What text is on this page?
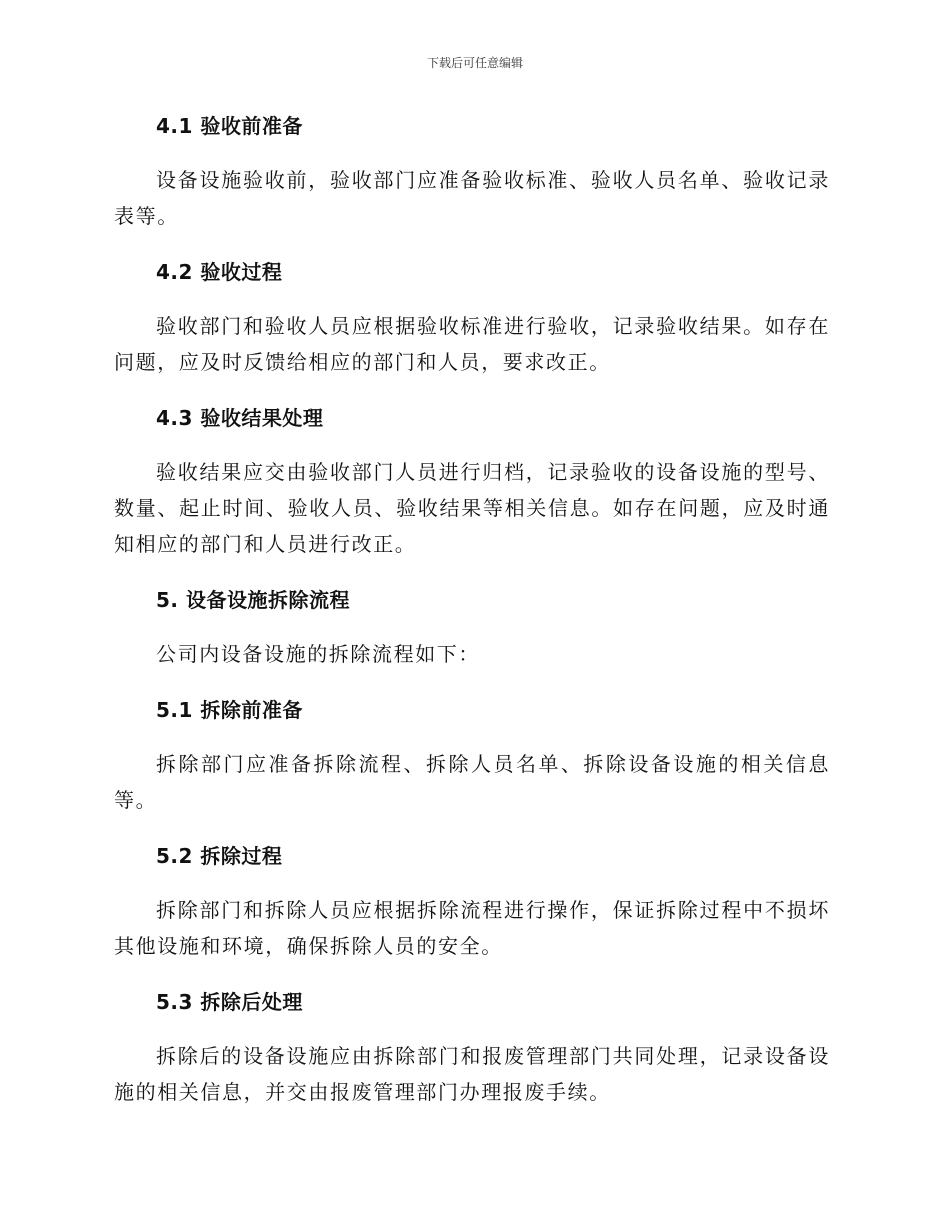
下载后可任意编辑
4.1 验收前准备

设备设施验收前，验收部门应准备验收标准、验收人员名单、验收记录表等。

4.2 验收过程

验收部门和验收人员应根据验收标准进行验收，记录验收结果。如存在问题，应及时反馈给相应的部门和人员，要求改正。

4.3 验收结果处理

验收结果应交由验收部门人员进行归档，记录验收的设备设施的型号、数量、起止时间、验收人员、验收结果等相关信息。如存在问题，应及时通知相应的部门和人员进行改正。

5. 设备设施拆除流程

公司内设备设施的拆除流程如下：

5.1 拆除前准备

拆除部门应准备拆除流程、拆除人员名单、拆除设备设施的相关信息等。

5.2 拆除过程

拆除部门和拆除人员应根据拆除流程进行操作，保证拆除过程中不损坏其他设施和环境，确保拆除人员的安全。

5.3 拆除后处理

拆除后的设备设施应由拆除部门和报废管理部门共同处理，记录设备设施的相关信息，并交由报废管理部门办理报废手续。
